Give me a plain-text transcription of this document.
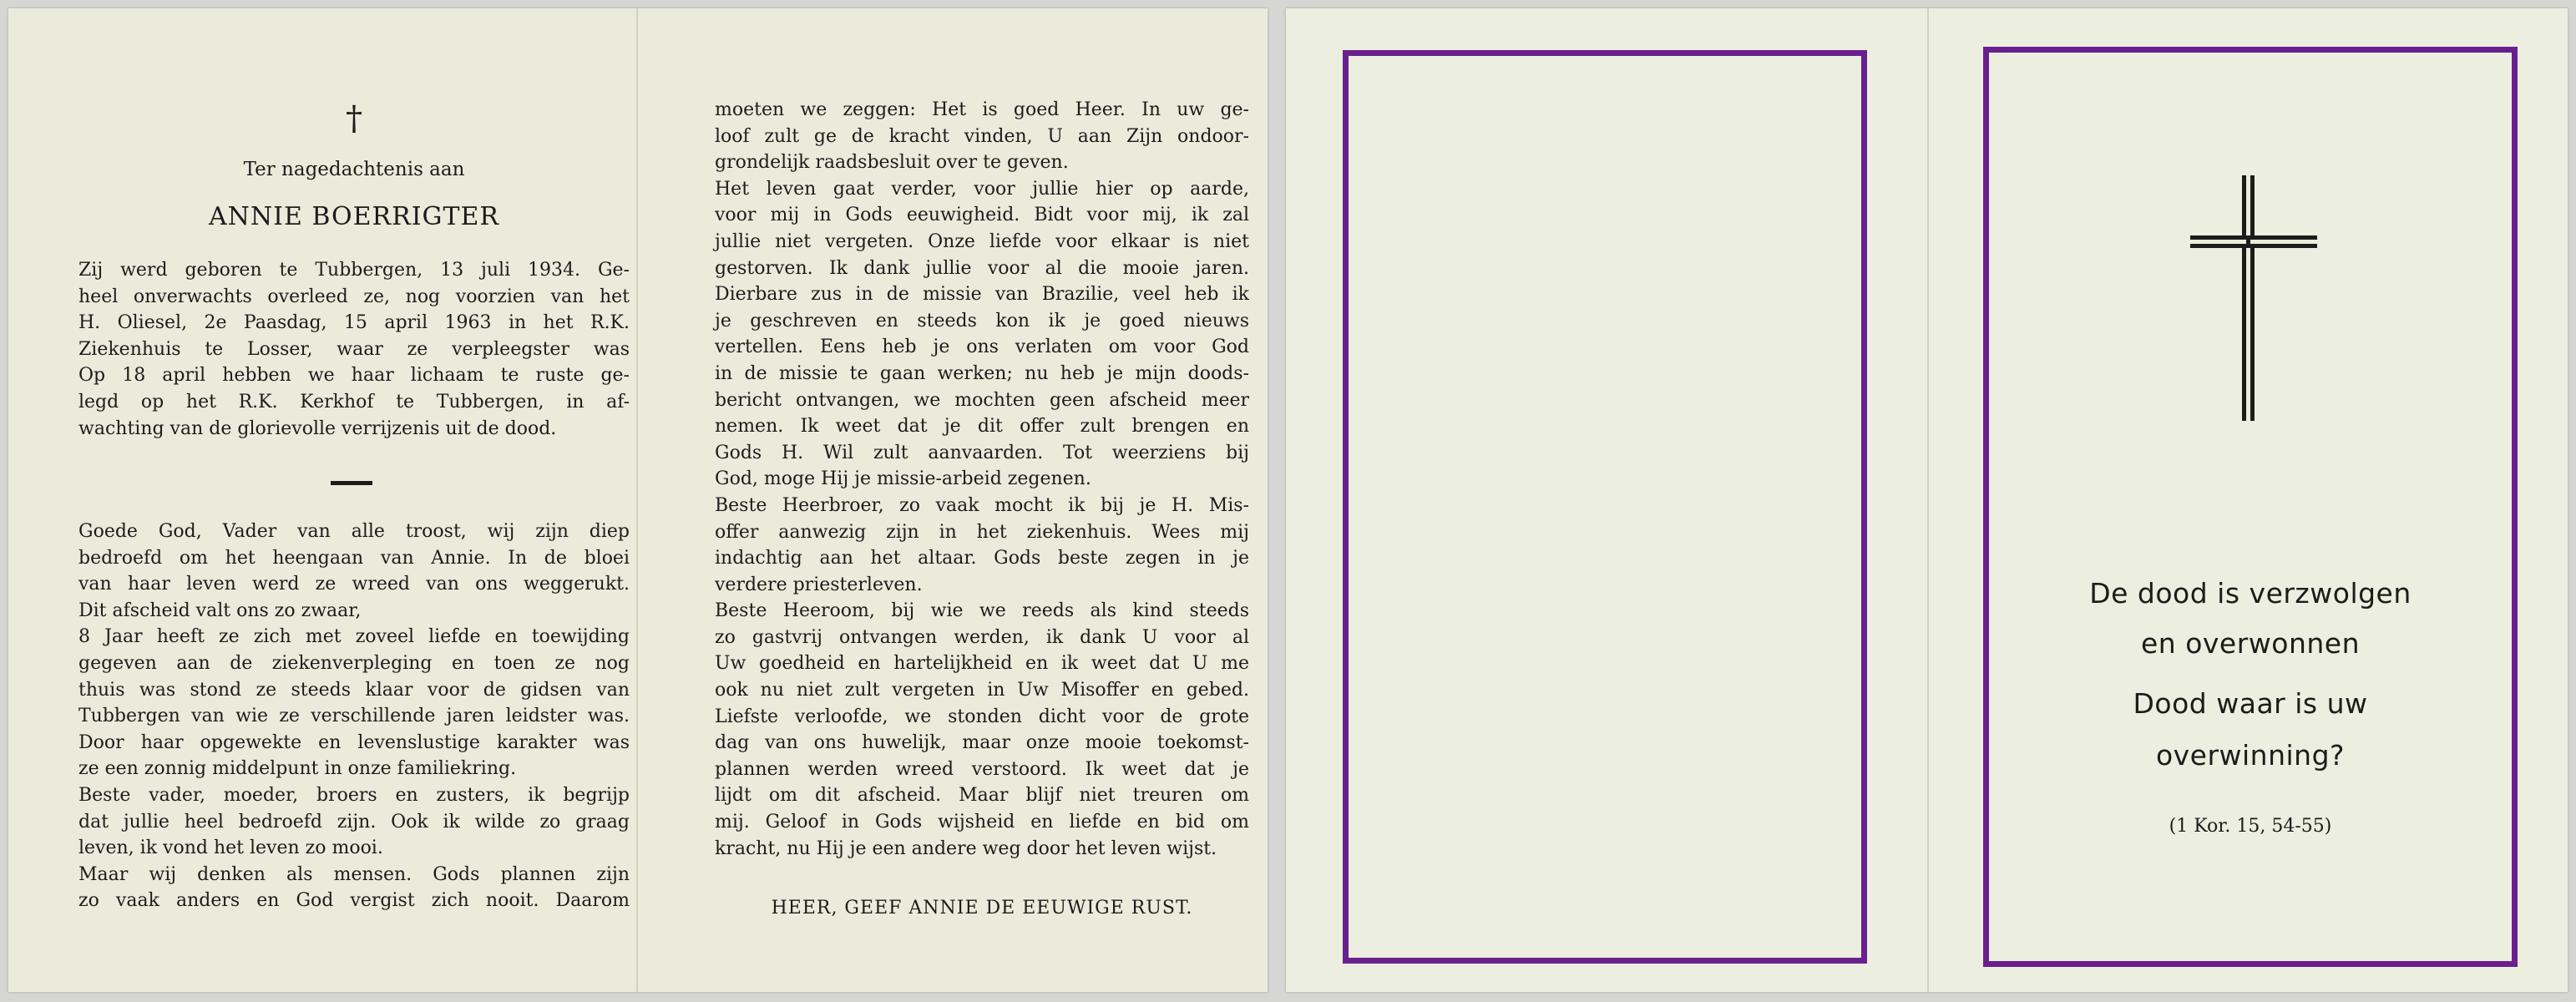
†
Ter nagedachtenis aan
ANNIE BOERRIGTER
Zij werd geboren te Tubbergen, 13 juli 1934. Ge-
heel onverwachts overleed ze, nog voorzien van het
H. Oliesel, 2e Paasdag, 15 april 1963 in het R.K.
Ziekenhuis te Losser, waar ze verpleegster was
Op 18 april hebben we haar lichaam te ruste ge-
legd op het R.K. Kerkhof te Tubbergen, in af-
wachting van de glorievolle verrijzenis uit de dood.
Goede God, Vader van alle troost, wij zijn diep
bedroefd om het heengaan van Annie. In de bloei
van haar leven werd ze wreed van ons weggerukt.
Dit afscheid valt ons zo zwaar,
8 Jaar heeft ze zich met zoveel liefde en toewijding
gegeven aan de ziekenverpleging en toen ze nog
thuis was stond ze steeds klaar voor de gidsen van
Tubbergen van wie ze verschillende jaren leidster was.
Door haar opgewekte en levenslustige karakter was
ze een zonnig middelpunt in onze familiekring.
Beste vader, moeder, broers en zusters, ik begrijp
dat jullie heel bedroefd zijn. Ook ik wilde zo graag
leven, ik vond het leven zo mooi.
Maar wij denken als mensen. Gods plannen zijn
zo vaak anders en God vergist zich nooit. Daarom
moeten we zeggen: Het is goed Heer. In uw ge-
loof zult ge de kracht vinden, U aan Zijn ondoor-
grondelijk raadsbesluit over te geven.
Het leven gaat verder, voor jullie hier op aarde,
voor mij in Gods eeuwigheid. Bidt voor mij, ik zal
jullie niet vergeten. Onze liefde voor elkaar is niet
gestorven. Ik dank jullie voor al die mooie jaren.
Dierbare zus in de missie van Brazilie, veel heb ik
je geschreven en steeds kon ik je goed nieuws
vertellen. Eens heb je ons verlaten om voor God
in de missie te gaan werken; nu heb je mijn doods-
bericht ontvangen, we mochten geen afscheid meer
nemen. Ik weet dat je dit offer zult brengen en
Gods H. Wil zult aanvaarden. Tot weerziens bij
God, moge Hij je missie-arbeid zegenen.
Beste Heerbroer, zo vaak mocht ik bij je H. Mis-
offer aanwezig zijn in het ziekenhuis. Wees mij
indachtig aan het altaar. Gods beste zegen in je
verdere priesterleven.
Beste Heeroom, bij wie we reeds als kind steeds
zo gastvrij ontvangen werden, ik dank U voor al
Uw goedheid en hartelijkheid en ik weet dat U me
ook nu niet zult vergeten in Uw Misoffer en gebed.
Liefste verloofde, we stonden dicht voor de grote
dag van ons huwelijk, maar onze mooie toekomst-
plannen werden wreed verstoord. Ik weet dat je
lijdt om dit afscheid. Maar blijf niet treuren om
mij. Geloof in Gods wijsheid en liefde en bid om
kracht, nu Hij je een andere weg door het leven wijst.
HEER, GEEF ANNIE DE EEUWIGE RUST.
De dood is verzwolgen
en overwonnen
Dood waar is uw
overwinning?
(1 Kor. 15, 54-55)
